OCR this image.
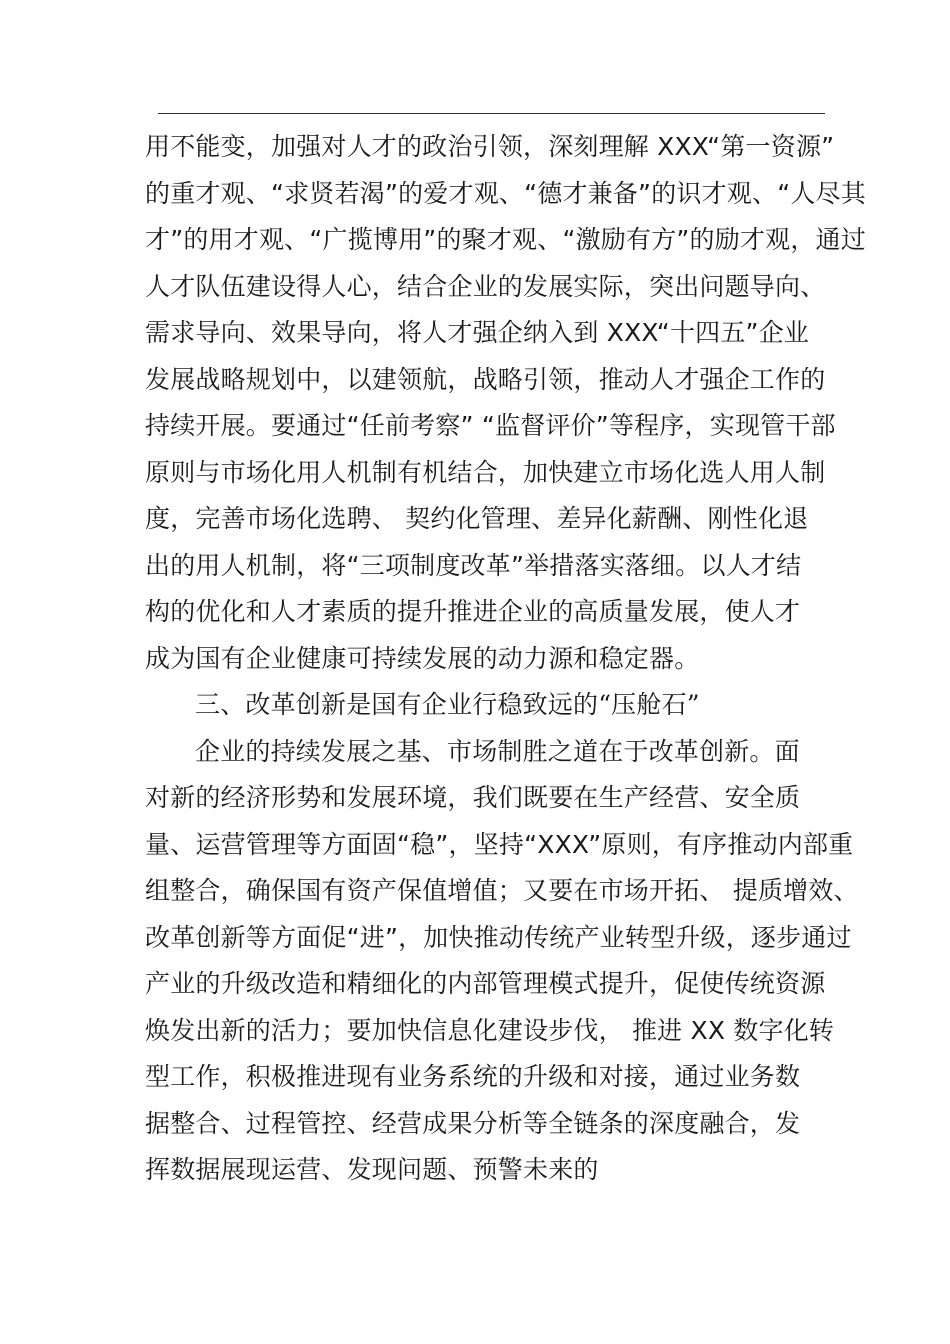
用不能变，加强对人才的政治引领，深刻理解 XXX“第一资源”
的重才观、“求贤若渴”的爱才观、“德才兼备”的识才观、“人尽其
才”的用才观、“广揽博用”的聚才观、“激励有方”的励才观，通过
人才队伍建设得人心，结合企业的发展实际，突出问题导向、
需求导向、效果导向，将人才强企纳入到 XXX“十四五”企业
发展战略规划中，以建领航，战略引领，推动人才强企工作的
持续开展。要通过“任前考察” “监督评价”等程序，实现管干部
原则与市场化用人机制有机结合，加快建立市场化选人用人制
度，完善市场化选聘、 契约化管理、差异化薪酬、刚性化退
出的用人机制，将“三项制度改革”举措落实落细。以人才结
构的优化和人才素质的提升推进企业的高质量发展，使人才
成为国有企业健康可持续发展的动力源和稳定器。
三、改革创新是国有企业行稳致远的“压舱石”
企业的持续发展之基、市场制胜之道在于改革创新。面
对新的经济形势和发展环境，我们既要在生产经营、安全质
量、运营管理等方面固“稳”，坚持“XXX”原则，有序推动内部重
组整合，确保国有资产保值增值；又要在市场开拓、 提质增效、
改革创新等方面促“进”，加快推动传统产业转型升级，逐步通过
产业的升级改造和精细化的内部管理模式提升，促使传统资源
焕发出新的活力；要加快信息化建设步伐， 推进 XX 数字化转
型工作，积极推进现有业务系统的升级和对接，通过业务数
据整合、过程管控、经营成果分析等全链条的深度融合，发
挥数据展现运营、发现问题、预警未来的
